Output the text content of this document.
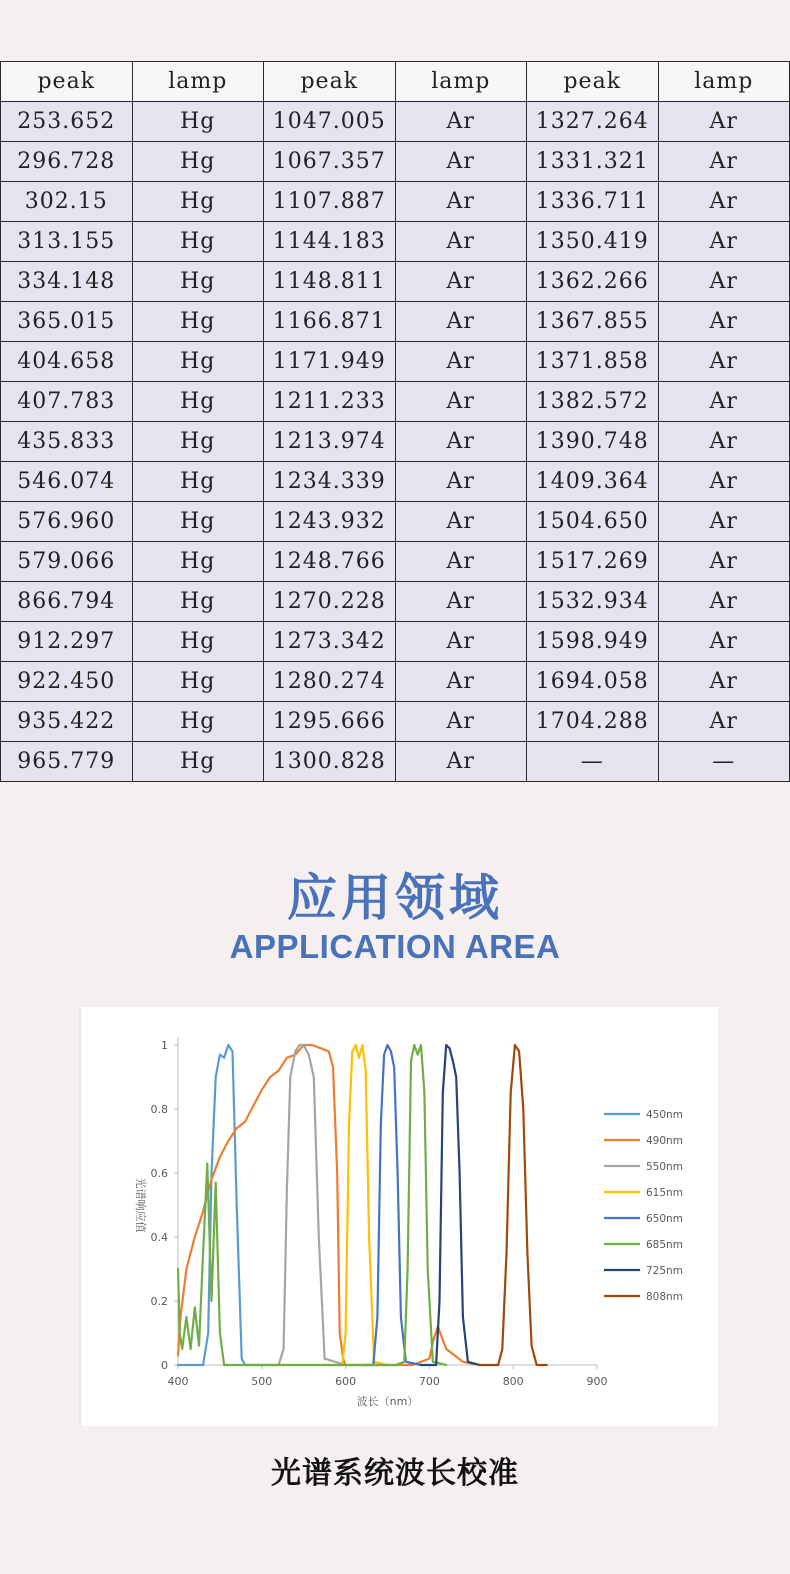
peak	lamp	peak	lamp	peak	lamp
253.652	Hg	1047.005	Ar	1327.264	Ar
296.728	Hg	1067.357	Ar	1331.321	Ar
302.15	Hg	1107.887	Ar	1336.711	Ar
313.155	Hg	1144.183	Ar	1350.419	Ar
334.148	Hg	1148.811	Ar	1362.266	Ar
365.015	Hg	1166.871	Ar	1367.855	Ar
404.658	Hg	1171.949	Ar	1371.858	Ar
407.783	Hg	1211.233	Ar	1382.572	Ar
435.833	Hg	1213.974	Ar	1390.748	Ar
546.074	Hg	1234.339	Ar	1409.364	Ar
576.960	Hg	1243.932	Ar	1504.650	Ar
579.066	Hg	1248.766	Ar	1517.269	Ar
866.794	Hg	1270.228	Ar	1532.934	Ar
912.297	Hg	1273.342	Ar	1598.949	Ar
922.450	Hg	1280.274	Ar	1694.058	Ar
935.422	Hg	1295.666	Ar	1704.288	Ar
965.779	Hg	1300.828	Ar	—	—
应用领域
APPLICATION AREA
400	500	600	700	800	900
0
0.2
0.4
0.6
0.8
1
波长（nm）
光谱响应值
450nm
490nm
550nm
615nm
650nm
685nm
725nm
808nm
光谱系统波长校准
